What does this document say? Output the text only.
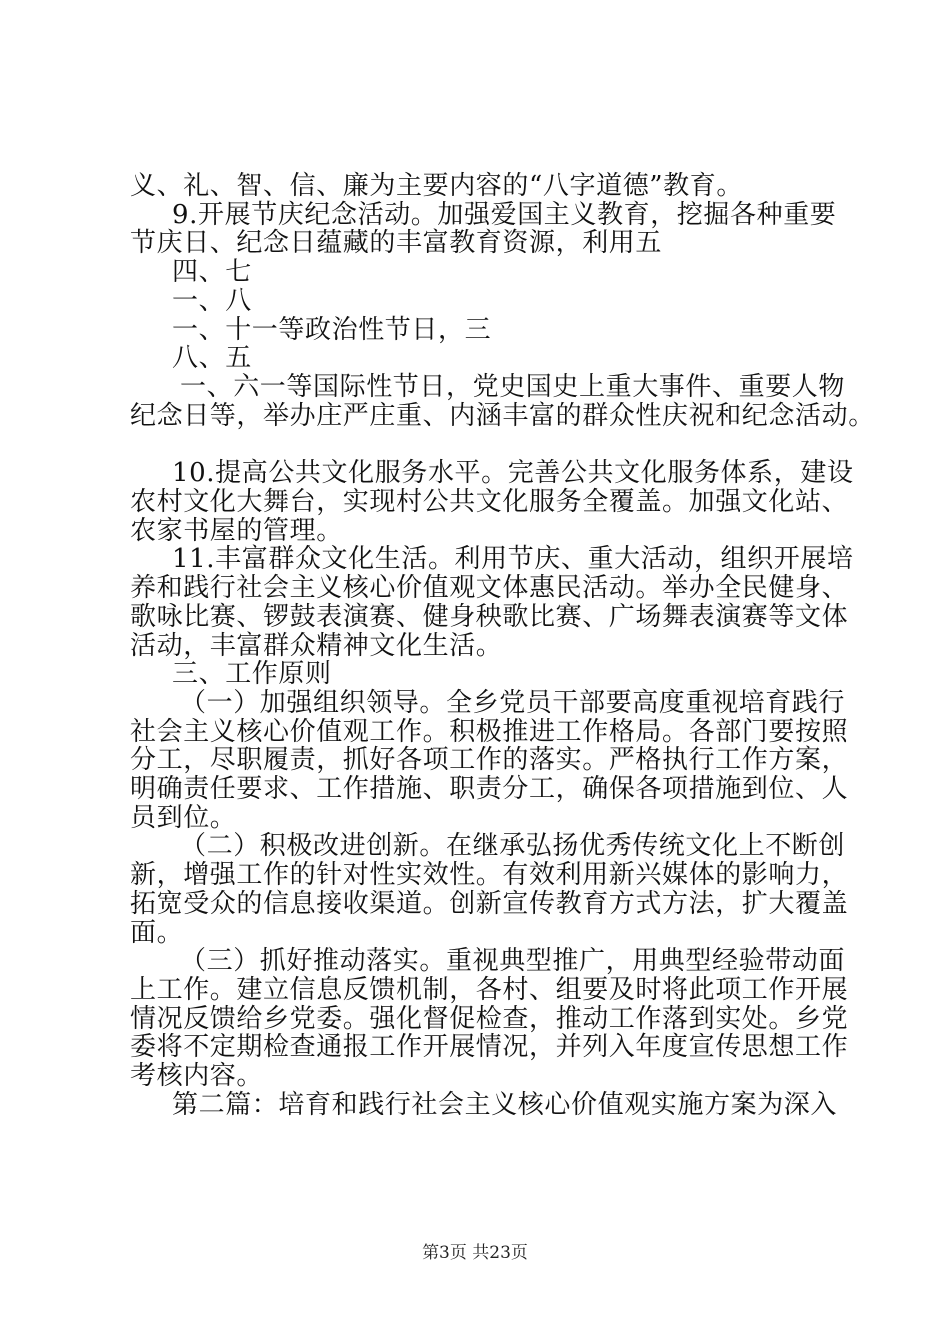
义、礼、智、信、廉为主要内容的“八字道德”教育。
9.开展节庆纪念活动。加强爱国主义教育，挖掘各种重要
节庆日、纪念日蕴藏的丰富教育资源，利用五
四、七
一、八
一、十一等政治性节日，三
八、五
一、六一等国际性节日，党史国史上重大事件、重要人物
纪念日等，举办庄严庄重、内涵丰富的群众性庆祝和纪念活动。
10.提高公共文化服务水平。完善公共文化服务体系，建设
农村文化大舞台，实现村公共文化服务全覆盖。加强文化站、
农家书屋的管理。
11.丰富群众文化生活。利用节庆、重大活动，组织开展培
养和践行社会主义核心价值观文体惠民活动。举办全民健身、
歌咏比赛、锣鼓表演赛、健身秧歌比赛、广场舞表演赛等文体
活动，丰富群众精神文化生活。
三、工作原则
（一）加强组织领导。全乡党员干部要高度重视培育践行
社会主义核心价值观工作。积极推进工作格局。各部门要按照
分工，尽职履责，抓好各项工作的落实。严格执行工作方案，
明确责任要求、工作措施、职责分工，确保各项措施到位、人
员到位。
（二）积极改进创新。在继承弘扬优秀传统文化上不断创
新，增强工作的针对性实效性。有效利用新兴媒体的影响力，
拓宽受众的信息接收渠道。创新宣传教育方式方法，扩大覆盖
面。
（三）抓好推动落实。重视典型推广，用典型经验带动面
上工作。建立信息反馈机制，各村、组要及时将此项工作开展
情况反馈给乡党委。强化督促检查，推动工作落到实处。乡党
委将不定期检查通报工作开展情况，并列入年度宣传思想工作
考核内容。
第二篇：培育和践行社会主义核心价值观实施方案为深入
第3页 共23页
